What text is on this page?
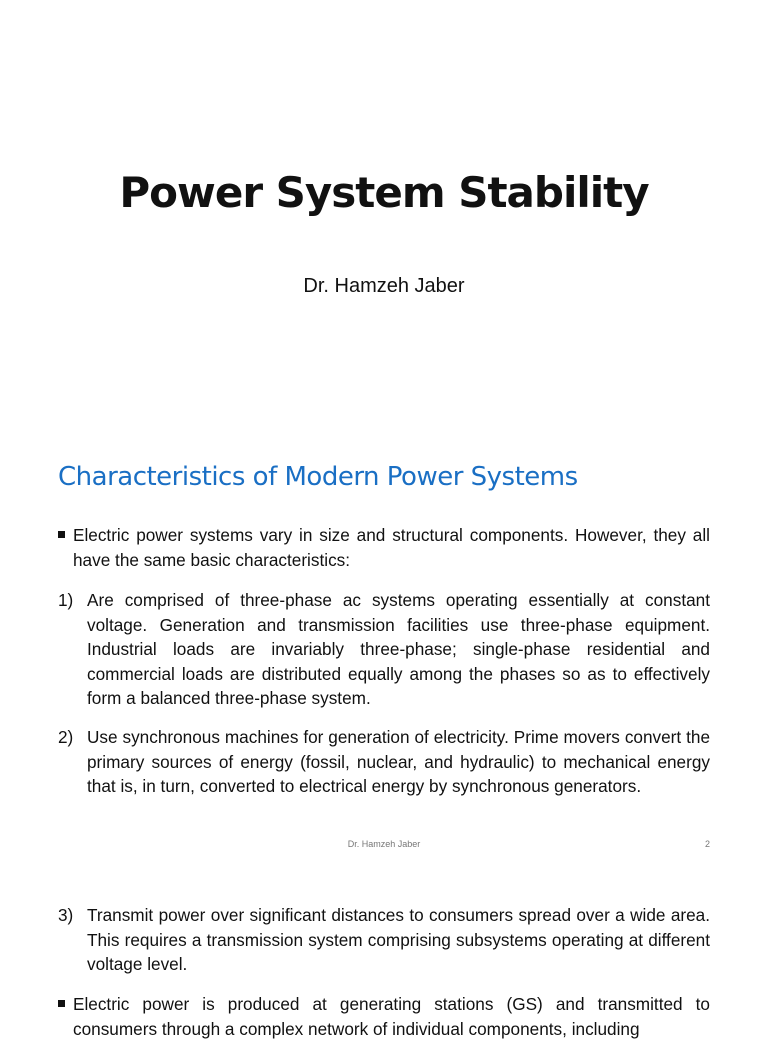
Power System Stability
Dr. Hamzeh Jaber
Characteristics of Modern Power Systems
Electric power systems vary in size and structural components. However, they all have the same basic characteristics:
1) Are comprised of three-phase ac systems operating essentially at constant voltage. Generation and transmission facilities use three-phase equipment. Industrial loads are invariably three-phase; single-phase residential and commercial loads are distributed equally among the phases so as to effectively form a balanced three-phase system.
2) Use synchronous machines for generation of electricity. Prime movers convert the primary sources of energy (fossil, nuclear, and hydraulic) to mechanical energy that is, in turn, converted to electrical energy by synchronous generators.
Dr. Hamzeh Jaber	2
3) Transmit power over significant distances to consumers spread over a wide area. This requires a transmission system comprising subsystems operating at different voltage level.
Electric power is produced at generating stations (GS) and transmitted to consumers through a complex network of individual components, including
